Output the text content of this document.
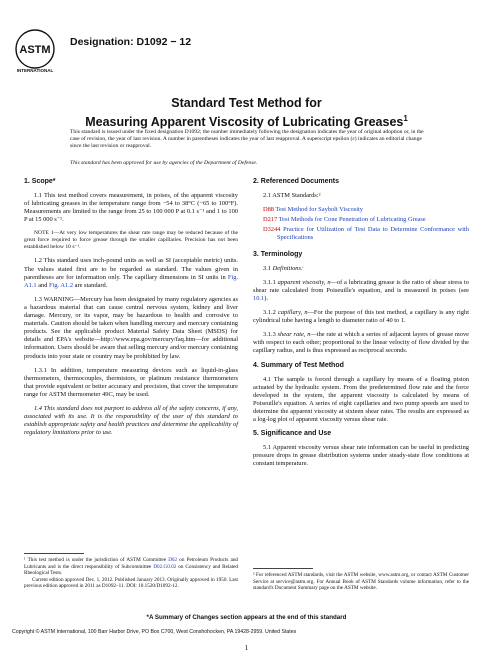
ASTM
INTERNATIONAL
Designation: D1092 − 12
Standard Test Method for
Measuring Apparent Viscosity of Lubricating Greases$^1$
This standard is issued under the fixed designation D1092; the number immediately following the designation indicates the year of original adoption or, in the case of revision, the year of last revision. A number in parentheses indicates the year of last reapproval. A superscript epsilon (ε) indicates an editorial change since the last revision or reapproval.
This standard has been approved for use by agencies of the Department of Defense.
1. Scope*

1.1 This test method covers measurement, in poises, of the apparent viscosity of lubricating greases in the temperature range from −54 to 38°C (−65 to 100°F). Measurements are limited to the range from 25 to 100 000 P at 0.1 s⁻¹ and 1 to 100 P at 15 000 s⁻¹.

NOTE 1—At very low temperatures the shear rate range may be reduced because of the great force required to force grease through the smaller capillaries. Precision has not been established below 10 s⁻¹.

1.2 This standard uses inch-pound units as well as SI (acceptable metric) units. The values stated first are to be regarded as standard. The values given in parentheses are for information only. The capillary dimensions in SI units in Fig. A1.1 and Fig. A1.2 are standard.

1.3 WARNING—Mercury has been designated by many regulatory agencies as a hazardous material that can cause central nervous system, kidney and liver damage. Mercury, or its vapor, may be hazardous to health and corrosive to materials. Caution should be taken when handling mercury and mercury containing products. See the applicable product Material Safety Data Sheet (MSDS) for details and EPA's website—http://www.epa.gov/mercury/faq.htm—for additional information. Users should be aware that selling mercury and/or mercury containing products into your state or country may be prohibited by law.

1.3.1 In addition, temperature measuring devices such as liquid-in-glass thermometers, thermocouples, thermistors, or platinum resistance thermometers that provide equivalent or better accuracy and precision, that cover the temperature range for ASTM thermometer 49C, may be used.

1.4 This standard does not purport to address all of the safety concerns, if any, associated with its use. It is the responsibility of the user of this standard to establish appropriate safety and health practices and determine the applicability of regulatory limitations prior to use.

2. Referenced Documents

2.1 ASTM Standards:²

D88 Test Method for Saybolt Viscosity
D217 Test Methods for Cone Penetration of Lubricating Grease
D3244 Practice for Utilization of Test Data to Determine Conformance with Specifications
3. Terminology

3.1 Definitions:

3.1.1 apparent viscosity, n—of a lubricating grease is the ratio of shear stress to shear rate calculated from Poiseuille's equation, and is measured in poises (see 10.1).

3.1.2 capillary, n—For the purpose of this test method, a capillary is any right cylindrical tube having a length to diameter ratio of 40 to 1.

3.1.3 shear rate, n—the rate at which a series of adjacent layers of grease move with respect to each other; proportional to the linear velocity of flow divided by the capillary radius, and is thus expressed as reciprocal seconds.

4. Summary of Test Method

4.1 The sample is forced through a capillary by means of a floating piston actuated by the hydraulic system. From the predetermined flow rate and the force developed in the system, the apparent viscosity is calculated by means of Poiseuille's equation. A series of eight capillaries and two pump speeds are used to determine the apparent viscosity at sixteen shear rates. The results are expressed as a log-log plot of apparent viscosity versus shear rate.

5. Significance and Use

5.1 Apparent viscosity versus shear rate information can be useful in predicting pressure drops in grease distribution systems under steady-state flow conditions at constant temperature.

¹ This test method is under the jurisdiction of ASTM Committee D02 on Petroleum Products and Lubricants and is the direct responsibility of Subcommittee D02.G0.02 on Consistency and Related Rheological Tests.
Current edition approved Dec. 1, 2012. Published January 2013. Originally approved in 1950. Last previous edition approved in 2011 as D1092–11. DOI: 10.1520/D1092-12.
² For referenced ASTM standards, visit the ASTM website, www.astm.org, or contact ASTM Customer Service at service@astm.org. For Annual Book of ASTM Standards volume information, refer to the standard's Document Summary page on the ASTM website.
*A Summary of Changes section appears at the end of this standard
Copyright © ASTM International, 100 Barr Harbor Drive, PO Box C700, West Conshohocken, PA 19428-2959. United States
1
